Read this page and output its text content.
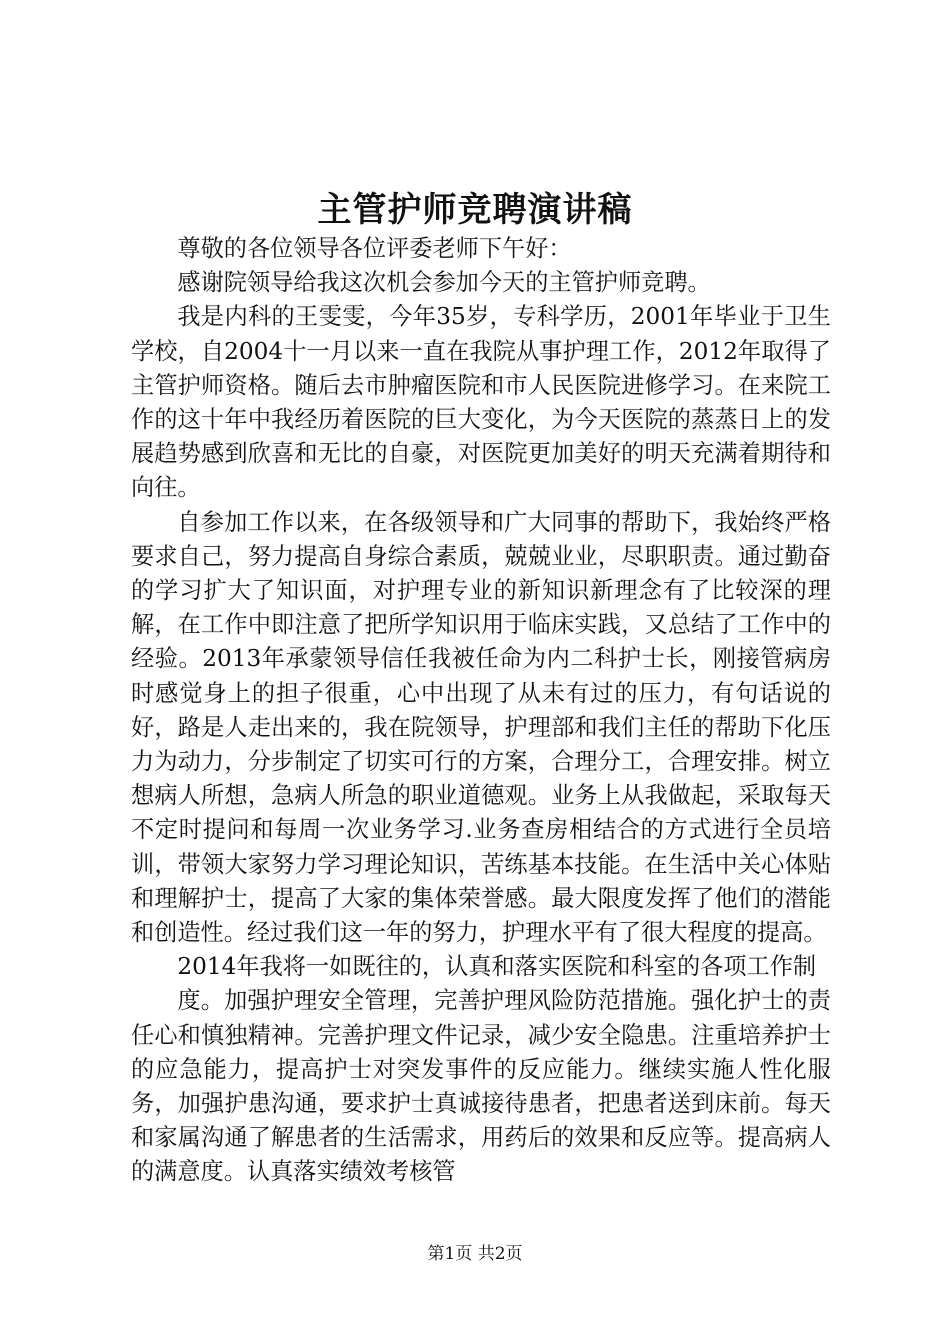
主管护师竞聘演讲稿

尊敬的各位领导各位评委老师下午好：

感谢院领导给我这次机会参加今天的主管护师竞聘。

我是内科的王雯雯，今年35岁，专科学历，2001年毕业于卫生学校，自2004十一月以来一直在我院从事护理工作，2012年取得了主管护师资格。随后去市肿瘤医院和市人民医院进修学习。在来院工作的这十年中我经历着医院的巨大变化，为今天医院的蒸蒸日上的发展趋势感到欣喜和无比的自豪，对医院更加美好的明天充满着期待和向往。

自参加工作以来，在各级领导和广大同事的帮助下，我始终严格要求自己，努力提高自身综合素质，兢兢业业，尽职职责。通过勤奋的学习扩大了知识面，对护理专业的新知识新理念有了比较深的理解，在工作中即注意了把所学知识用于临床实践，又总结了工作中的经验。2013年承蒙领导信任我被任命为内二科护士长，刚接管病房时感觉身上的担子很重，心中出现了从未有过的压力，有句话说的好，路是人走出来的，我在院领导，护理部和我们主任的帮助下化压力为动力，分步制定了切实可行的方案，合理分工，合理安排。树立想病人所想，急病人所急的职业道德观。业务上从我做起，采取每天不定时提问和每周一次业务学习.业务查房相结合的方式进行全员培训，带领大家努力学习理论知识，苦练基本技能。在生活中关心体贴和理解护士，提高了大家的集体荣誉感。最大限度发挥了他们的潜能和创造性。经过我们这一年的努力，护理水平有了很大程度的提高。

2014年我将一如既往的，认真和落实医院和科室的各项工作制

度。加强护理安全管理，完善护理风险防范措施。强化护士的责任心和慎独精神。完善护理文件记录，减少安全隐患。注重培养护士的应急能力，提高护士对突发事件的反应能力。继续实施人性化服务，加强护患沟通，要求护士真诚接待患者，把患者送到床前。每天和家属沟通了解患者的生活需求，用药后的效果和反应等。提高病人的满意度。认真落实绩效考核管

第1页 共2页
